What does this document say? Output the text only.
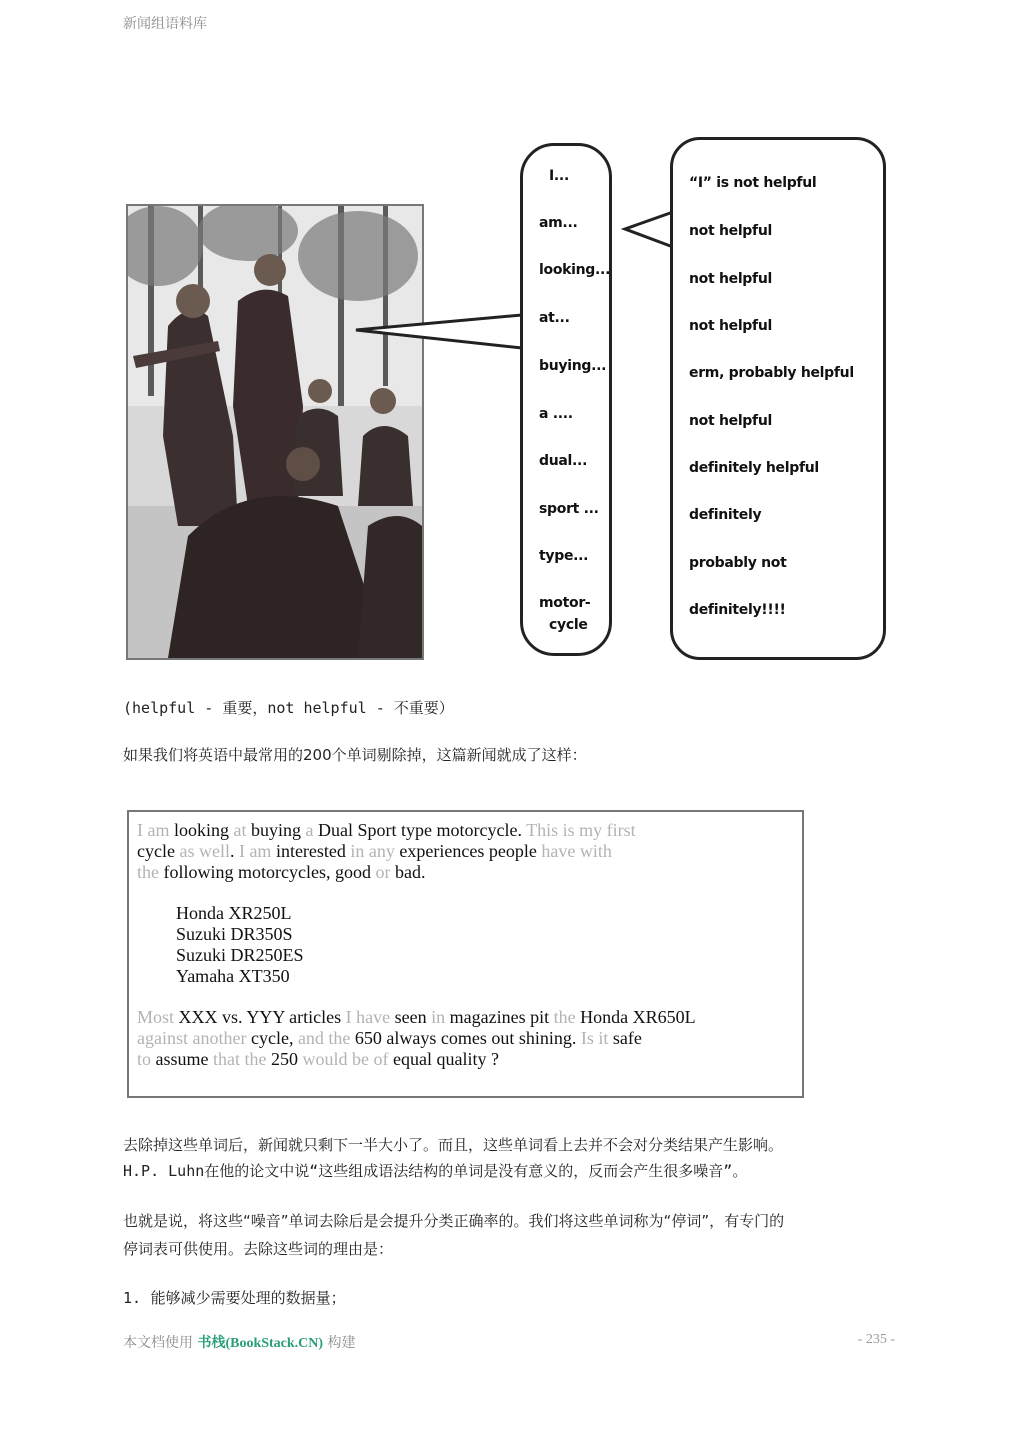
新闻组语料库
I...
am...
looking...
at...
buying...
a ....
dual...
sport ...
type...
motor-
cycle
“I” is not helpful
not helpful
not helpful
not helpful
erm, probably helpful
not helpful
definitely helpful
definitely
probably not
definitely!!!!
(helpful - 重要，not helpful - 不重要）
如果我们将英语中最常用的200个单词剔除掉，这篇新闻就成了这样：
I am looking at buying a Dual Sport type motorcycle. This is my first
cycle as well. I am interested in any experiences people have with
the following motorcycles, good or bad.
Honda XR250L
Suzuki DR350S
Suzuki DR250ES
Yamaha XT350
Most XXX vs. YYY articles I have seen in magazines pit the Honda XR650L
against another cycle, and the 650 always comes out shining. Is it safe
to assume that the 250 would be of equal quality ?
去除掉这些单词后，新闻就只剩下一半大小了。而且，这些单词看上去并不会对分类结果产生影响。
H.P. Luhn在他的论文中说“这些组成语法结构的单词是没有意义的，反而会产生很多噪音”。
也就是说，将这些“噪音”单词去除后是会提升分类正确率的。我们将这些单词称为“停词”，有专门的
停词表可供使用。去除这些词的理由是：
1. 能够减少需要处理的数据量；
本文档使用 书栈(BookStack.CN) 构建	- 235 -
